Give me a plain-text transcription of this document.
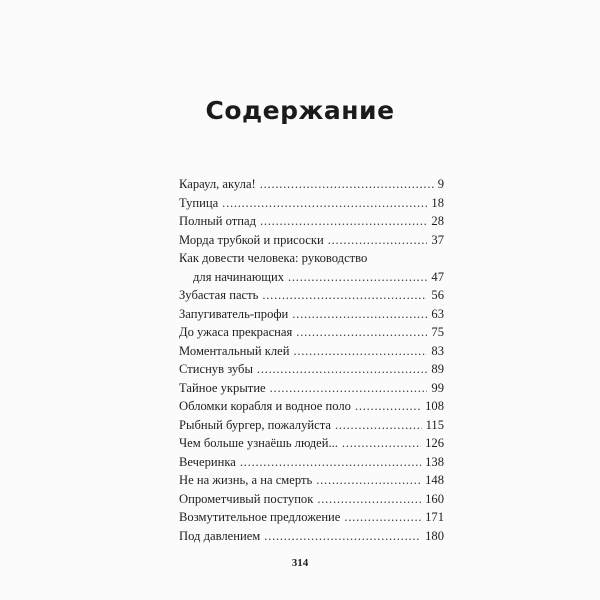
Содержание
Караул, акула! . . .	9
Тупица . . .	18
Полный отпад . . .	28
Морда трубкой и присоски . . .	37
Как довести человека: руководство
для начинающих . . .	47
Зубастая пасть . . .	56
Запугиватель-профи . . .	63
До ужаса прекрасная . . .	75
Моментальный клей . . .	83
Стиснув зубы . . .	89
Тайное укрытие . . .	99
Обломки корабля и водное поло . . .	108
Рыбный бургер, пожалуйста . . .	115
Чем больше узнаёшь людей... . . .	126
Вечеринка . . .	138
Не на жизнь, а на смерть . . .	148
Опрометчивый поступок . . .	160
Возмутительное предложение . . .	171
Под давлением . . .	180
314
